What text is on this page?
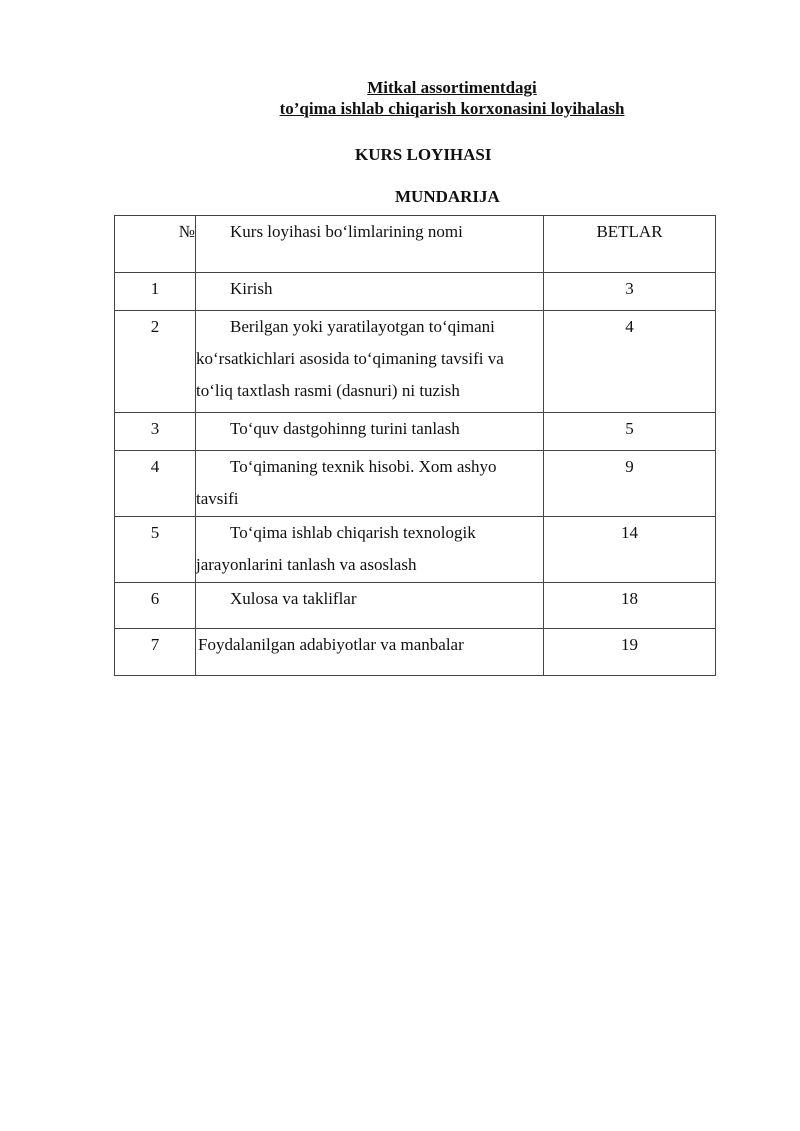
Mitkal assortimentdagi

to’qima ishlab chiqarish korxonasini loyihalash

KURS LOYIHASI

MUNDARIJA

№	Kurs loyihasi bo‘limlarining nomi	BETLAR
1	Kirish	3
2	Berilgan yoki yaratilayotgan to‘qimani ko‘rsatkichlari asosida to‘qimaning tavsifi va to‘liq taxtlash rasmi (dasnuri) ni tuzish	4
3	To‘quv dastgohinng turini tanlash	5
4	To‘qimaning texnik hisobi. Xom ashyo tavsifi	9
5	To‘qima ishlab chiqarish texnologik jarayonlarini tanlash va asoslash	14
6	Xulosa va takliflar	18
7	Foydalanilgan adabiyotlar va manbalar	19
